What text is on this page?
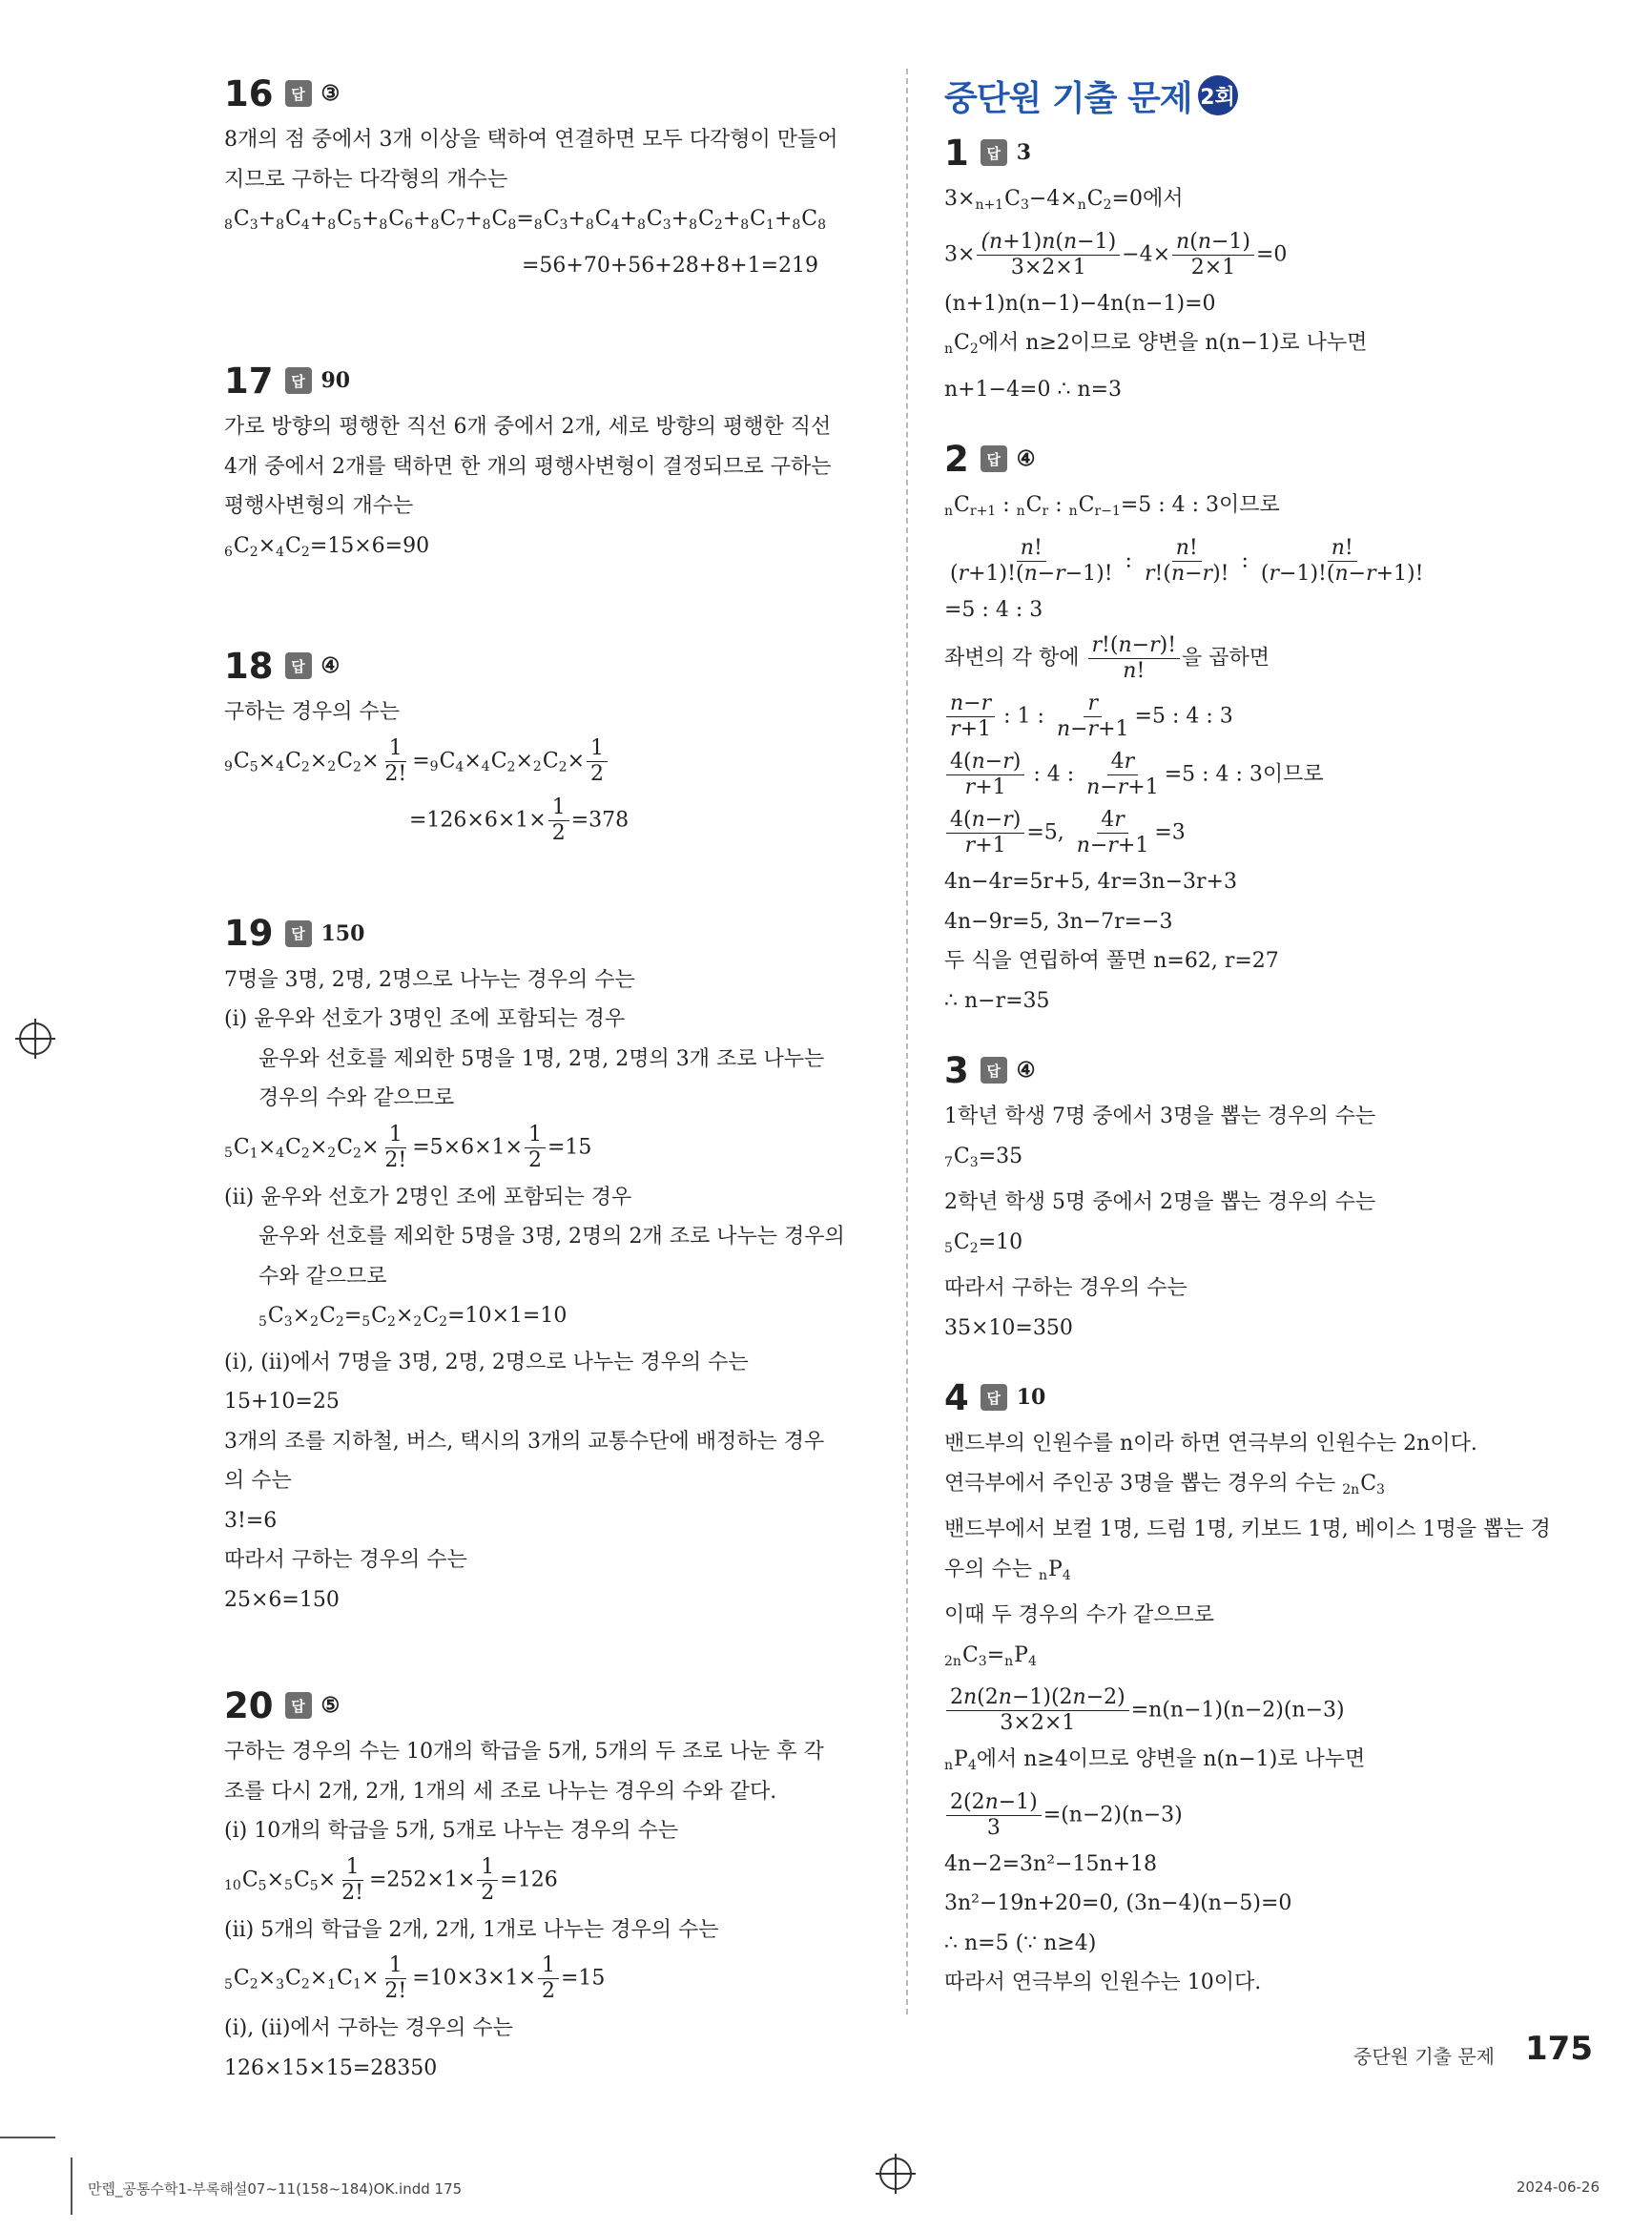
16	답 ③
8개의 점 중에서 3개 이상을 택하여 연결하면 모두 다각형이 만들어
지므로 구하는 다각형의 개수는
$8C_3+8C_4+8C_5+8C_6+8C_7+8C_8=8C_3+8C_4+8C_3+8C_2+8C_1+8C_8$
=56+70+56+28+8+1=219
17	답 90
가로 방향의 평행한 직선 6개 중에서 2개, 세로 방향의 평행한 직선
4개 중에서 2개를 택하면 한 개의 평행사변형이 결정되므로 구하는
평행사변형의 개수는
$6C_2\times 4C_2=15\times 6=90$
18	답 ④
구하는 경우의 수는
$9C_5\times 4C_2\times 2C_2\times \frac{1}{2!} =9C_4\times 4C_2\times 2C_2\times \frac{1}{2}$
$=126\times 6\times 1\times \frac{1}{2} =378$
19	답 150
7명을 3명, 2명, 2명으로 나누는 경우의 수는
(ⅰ) 윤우와 선호가 3명인 조에 포함되는 경우
윤우와 선호를 제외한 5명을 1명, 2명, 2명의 3개 조로 나누는
경우의 수와 같으므로
$5C_1\times 4C_2\times 2C_2\times \frac{1}{2!} =5\times 6\times 1\times \frac{1}{2} =15$
(ⅱ) 윤우와 선호가 2명인 조에 포함되는 경우
윤우와 선호를 제외한 5명을 3명, 2명의 2개 조로 나누는 경우의
수와 같으므로
$5C_3\times 2C_2=5C_2\times 2C_2=10\times 1=10$
(ⅰ), (ⅱ)에서 7명을 3명, 2명, 2명으로 나누는 경우의 수는
15+10=25
3개의 조를 지하철, 버스, 택시의 3개의 교통수단에 배정하는 경우
의 수는
3!=6
따라서 구하는 경우의 수는
25×6=150
20	답 ⑤
구하는 경우의 수는 10개의 학급을 5개, 5개의 두 조로 나눈 후 각
조를 다시 2개, 2개, 1개의 세 조로 나누는 경우의 수와 같다.
(ⅰ) 10개의 학급을 5개, 5개로 나누는 경우의 수는
$10C_5\times 5C_5\times \frac{1}{2!} =252\times 1\times \frac{1}{2} =126$
(ⅱ) 5개의 학급을 2개, 2개, 1개로 나누는 경우의 수는
$5C_2\times 3C_2\times 1C_1\times \frac{1}{2!} =10\times 3\times 1\times \frac{1}{2} =15$
(ⅰ), (ⅱ)에서 구하는 경우의 수는
126×15×15=28350
중단원 기출 문제 2회
1	답 3
$3\times n+1C_3-4\times nC_2=0$에서
$3\times \frac{(n+1)n(n-1)}{3\times 2\times 1} -4\times \frac{n(n-1)}{2\times 1} =0$
(n+1)n(n−1)−4n(n−1)=0
$nC_2$에서 n≥2이므로 양변을 n(n−1)로 나누면
n+1−4=0 ∴ n=3
2	답 ④
$nC_{r+1}$ : $nC_r$ : $nC_{r-1}=5$ : 4 : 3이므로
$\frac{n!}{(r+1)!(n-r-1)!}$ : $\frac{n!}{r!(n-r)!}$ : $\frac{n!}{(r-1)!(n-r+1)!}$
=5 : 4 : 3
좌변의 각 항에 $\frac{r!(n-r)!}{n!}$ 을 곱하면
$\frac{n-r}{r+1}$ : 1 : $\frac{r}{n-r+1} =5$ : 4 : 3
$\frac{4(n-r)}{r+1}$ : 4 : $\frac{4r}{n-r+1} =5$ : 4 : 3이므로
$\frac{4(n-r)}{r+1} =5$, $\frac{4r}{n-r+1} =3$
4n−4r=5r+5, 4r=3n−3r+3
4n−9r=5, 3n−7r=−3
두 식을 연립하여 풀면 n=62, r=27
∴ n−r=35
3	답 ④
1학년 학생 7명 중에서 3명을 뽑는 경우의 수는
$7C_3=35$
2학년 학생 5명 중에서 2명을 뽑는 경우의 수는
$5C_2=10$
따라서 구하는 경우의 수는
35×10=350
4	답 10
밴드부의 인원수를 n이라 하면 연극부의 인원수는 2n이다.
연극부에서 주인공 3명을 뽑는 경우의 수는 $2nC_3$
밴드부에서 보컬 1명, 드럼 1명, 키보드 1명, 베이스 1명을 뽑는 경
우의 수는 $nP_4$
이때 두 경우의 수가 같으므로
$2nC_3=nP_4$
$\frac{2n(2n-1)(2n-2)}{3\times 2\times 1} =n(n-1)(n-2)(n-3)$
$nP_4$에서 n≥4이므로 양변을 n(n−1)로 나누면
$\frac{2(2n-1)}{3} =(n-2)(n-3)$
4n−2=3n²−15n+18
3n²−19n+20=0, (3n−4)(n−5)=0
∴ n=5 (∵ n≥4)
따라서 연극부의 인원수는 10이다.
중단원 기출 문제 175
만렙_공통수학1-부록해설07~11(158~184)OK.indd 175	2024-06-26
